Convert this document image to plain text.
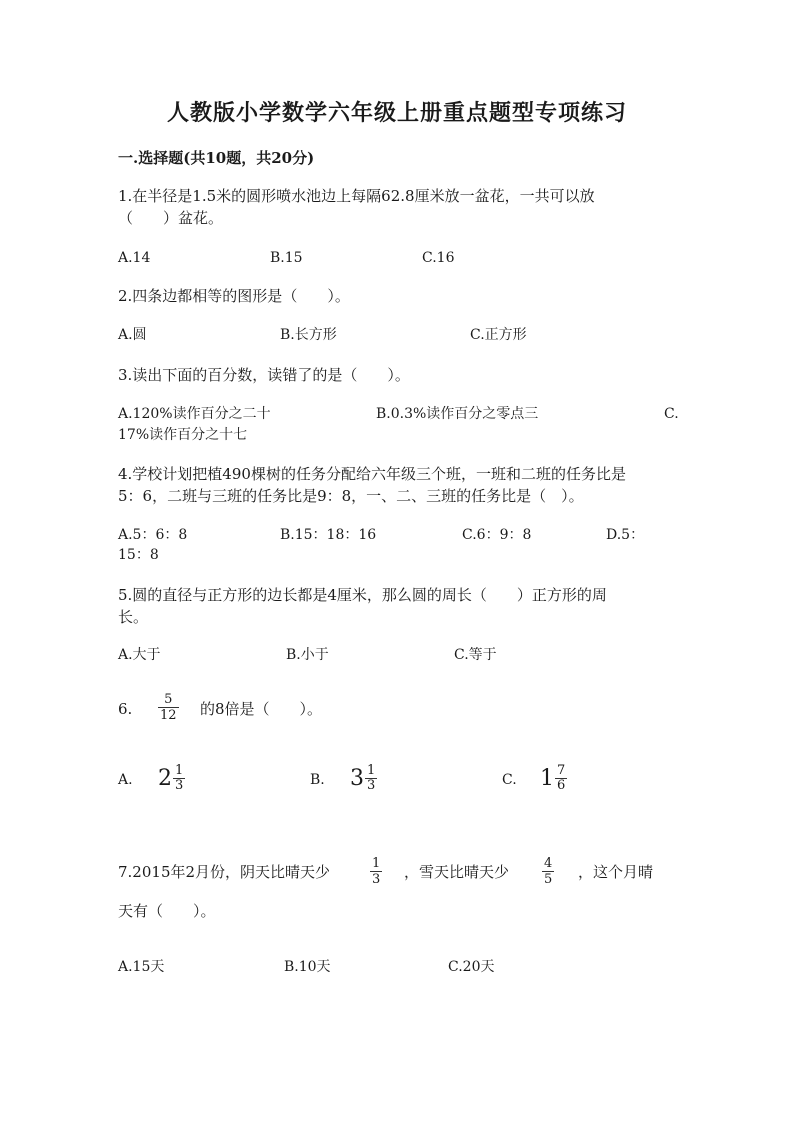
人教版小学数学六年级上册重点题型专项练习
一.选择题(共10题，共20分)
1.在半径是1.5米的圆形喷水池边上每隔62.8厘米放一盆花，一共可以放
（　　）盆花。
A.14	B.15	C.16
2.四条边都相等的图形是（　　）。
A.圆	B.长方形	C.正方形
3.读出下面的百分数，读错了的是（　　）。
A.120%读作百分之二十	B.0.3%读作百分之零点三	C.
17%读作百分之十七
4.学校计划把植490棵树的任务分配给六年级三个班，一班和二班的任务比是
5：6，二班与三班的任务比是9：8，一、二、三班的任务比是（　）。
A.5：6：8	B.15：18：16	C.6：9：8	D.5：
15：8
5.圆的直径与正方形的边长都是4厘米，那么圆的周长（　　）正方形的周
长。
A.大于	B.小于	C.等于
6.
5
12 的8倍是（　　）。
A. $2 \frac{1}{3}$	B. $3 \frac{1}{3}$	C. $1 \frac{7}{6}$
7.2015年2月份，阴天比晴天少	1
3 ，雪天比晴天少	4
5 ，这个月晴
天有（　　）。
A.15天	B.10天	C.20天
